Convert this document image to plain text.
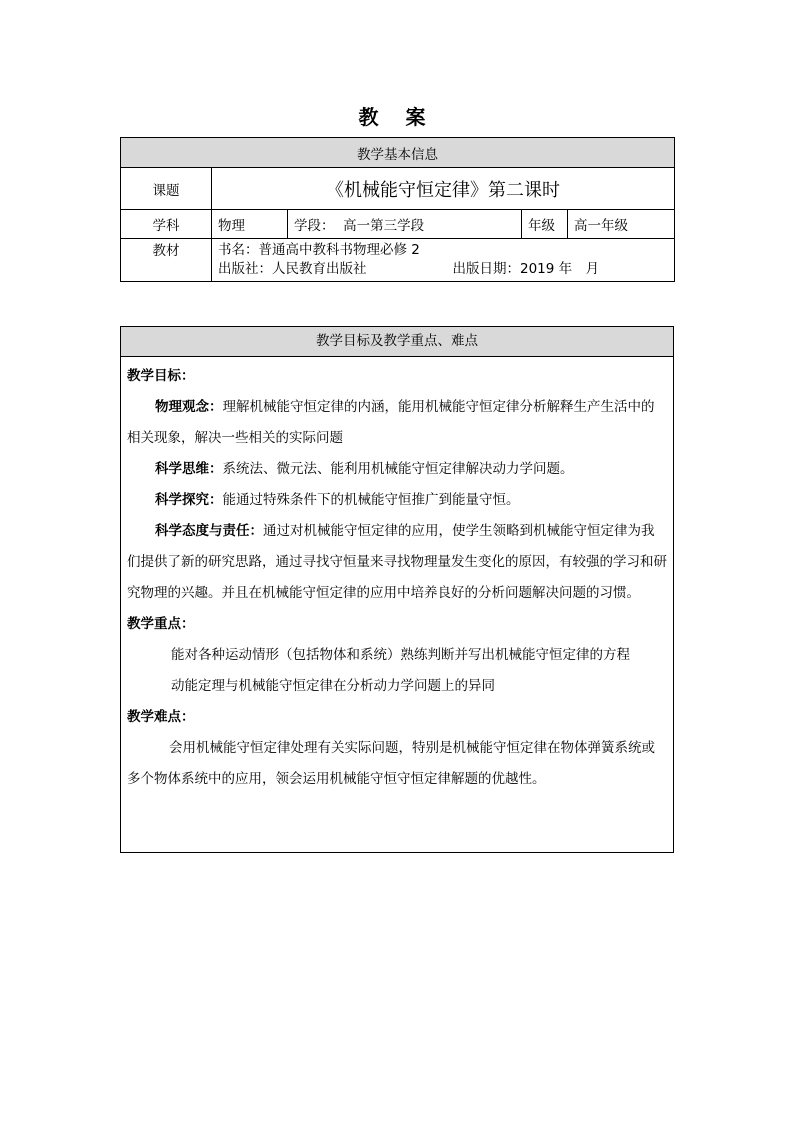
教 案
教学基本信息				
课题	《机械能守恒定律》第二课时			
学科	物理	学段： 高一第三学段	年级	高一年级
教材	书名：普通高中教科书物理必修 2
出版社：人民教育出版社 出版日期：2019 年　月			
教学目标及教学重点、难点

教学目标：

物理观念：理解机械能守恒定律的内涵，能用机械能守恒定律分析解释生产生活中的相关现象，解决一些相关的实际问题

科学思维：系统法、微元法、能利用机械能守恒定律解决动力学问题。

科学探究：能通过特殊条件下的机械能守恒推广到能量守恒。

科学态度与责任：通过对机械能守恒定律的应用，使学生领略到机械能守恒定律为我们提供了新的研究思路，通过寻找守恒量来寻找物理量发生变化的原因，有较强的学习和研究物理的兴趣。并且在机械能守恒定律的应用中培养良好的分析问题解决问题的习惯。

教学重点：

能对各种运动情形（包括物体和系统）熟练判断并写出机械能守恒定律的方程

动能定理与机械能守恒定律在分析动力学问题上的异同

教学难点：

会用机械能守恒定律处理有关实际问题，特别是机械能守恒定律在物体弹簧系统或多个物体系统中的应用，领会运用机械能守恒守恒定律解题的优越性。
